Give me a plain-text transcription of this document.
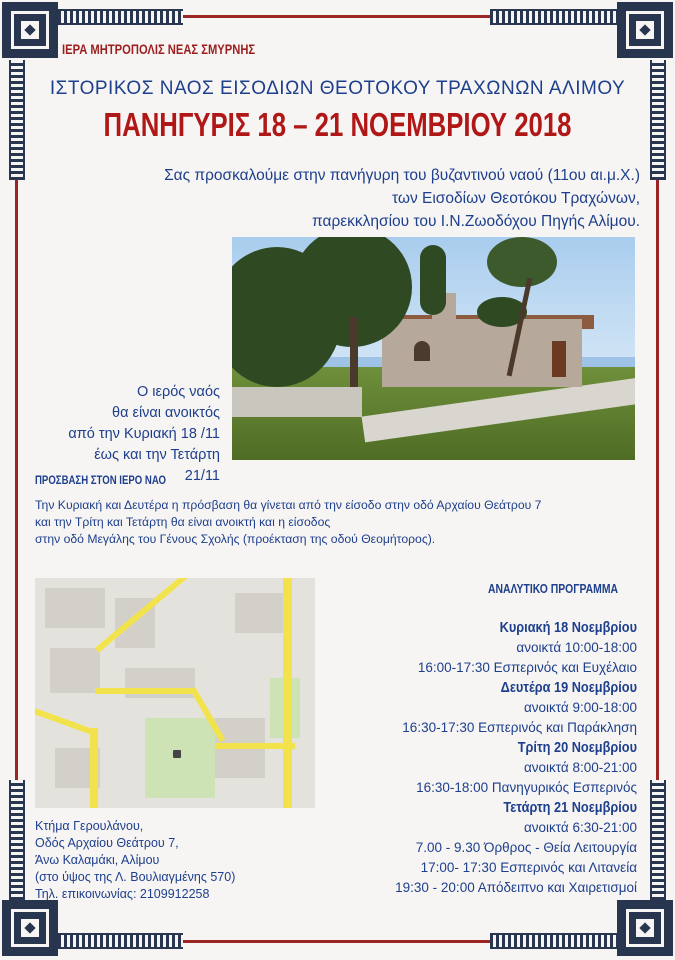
ΙΕΡΑ ΜΗΤΡΟΠΟΛΙΣ ΝΕΑΣ ΣΜΥΡΝΗΣ
ΙΣΤΟΡΙΚΟΣ ΝΑΟΣ ΕΙΣΟΔΙΩΝ ΘΕΟΤΟΚΟΥ ΤΡΑΧΩΝΩΝ ΑΛΙΜΟΥ
ΠΑΝΗΓΥΡΙΣ 18 – 21 ΝΟΕΜΒΡΙΟΥ 2018
Σας προσκαλούμε στην πανήγυρη του βυζαντινού ναού (11ου αι.μ.Χ.)
των Εισοδίων Θεοτόκου Τραχώνων,
παρεκκλησίου του Ι.Ν.Ζωοδόχου Πηγής Αλίμου.
Ο ιερός ναός
θα είναι ανοικτός
από την Κυριακή 18 /11
έως και την Τετάρτη 21/11
ΠΡΟΣΒΑΣΗ ΣΤΟΝ ΙΕΡΟ ΝΑΟ
Την Κυριακή και Δευτέρα η πρόσβαση θα γίνεται από την είσοδο στην οδό Αρχαίου Θεάτρου 7
και την Τρίτη και Τετάρτη θα είναι ανοικτή και η είσοδος
στην οδό Μεγάλης του Γένους Σχολής (προέκταση της οδού Θεομήτορος).
Κτήμα Γερουλάνου,
Οδός Αρχαίου Θεάτρου 7,
Άνω Καλαμάκι, Αλίμου
(στο ύψος της Λ. Βουλιαγμένης 570)
Τηλ. επικοινωνίας: 2109912258
ΑΝΑΛΥΤΙΚΟ ΠΡΟΓΡΑΜΜΑ
Κυριακή 18 Νοεμβρίου
ανοικτά 10:00-18:00
16:00-17:30 Εσπερινός και Ευχέλαιο
Δευτέρα 19 Νοεμβρίου
ανοικτά 9:00-18:00
16:30-17:30 Εσπερινός και Παράκληση
Τρίτη 20 Νοεμβρίου
ανοικτά 8:00-21:00
16:30-18:00 Πανηγυρικός Εσπερινός
Τετάρτη 21 Νοεμβρίου
ανοικτά 6:30-21:00
7.00 - 9.30 Όρθρος - Θεία Λειτουργία
17:00- 17:30 Εσπερινός και Λιτανεία
19:30 - 20:00 Απόδειπνο και Χαιρετισμοί
